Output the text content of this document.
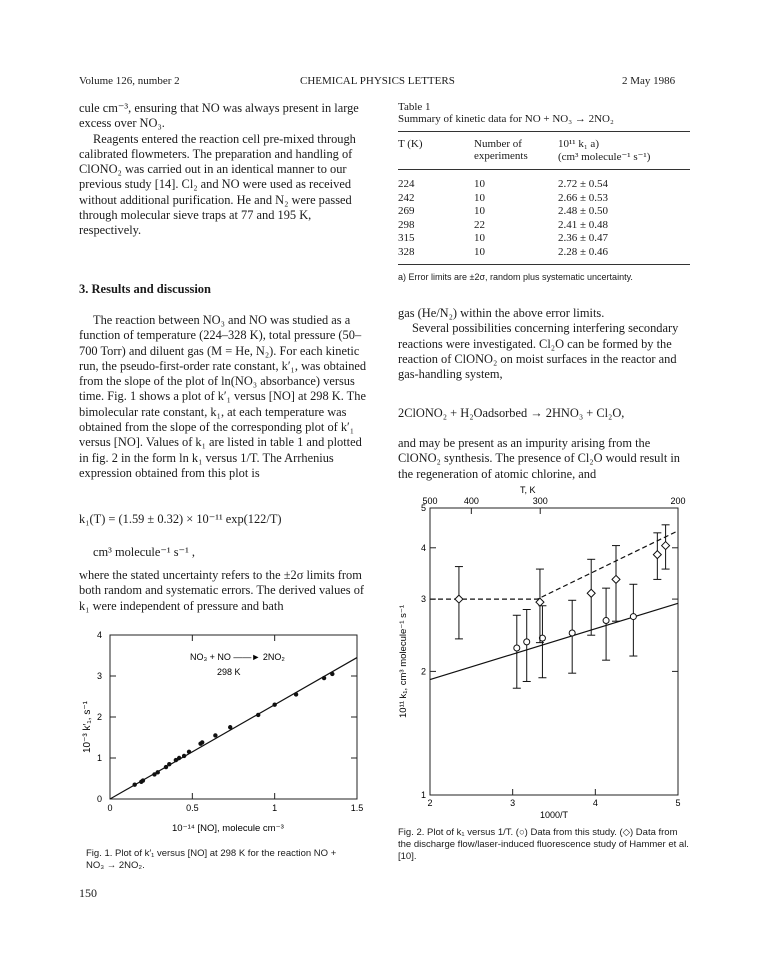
Volume 126, number 2	CHEMICAL PHYSICS LETTERS	2 May 1986

cule cm⁻³, ensuring that NO was always present in large excess over NO₃.

Reagents entered the reaction cell pre-mixed through calibrated flowmeters. The preparation and handling of ClONO₂ was carried out in an identical manner to our previous study [14]. Cl₂ and NO were used as received without additional purification. He and N₂ were passed through molecular sieve traps at 77 and 195 K, respectively.

3. Results and discussion

The reaction between NO₃ and NO was studied as a function of temperature (224–328 K), total pressure (50–700 Torr) and diluent gas (M = He, N₂). For each kinetic run, the pseudo-first-order rate constant, k′₁, was obtained from the slope of the plot of ln(NO₃ absorbance) versus time. Fig. 1 shows a plot of k′₁ versus [NO] at 298 K. The bimolecular rate constant, k₁, at each temperature was obtained from the slope of the corresponding plot of k′₁ versus [NO]. Values of k₁ are listed in table 1 and plotted in fig. 2 in the form ln k₁ versus 1/T. The Arrhenius expression obtained from this plot is

k₁(T) = (1.59 ± 0.32) × 10⁻¹¹ exp(122/T)
cm³ molecule⁻¹ s⁻¹ ,

where the stated uncertainty refers to the ±2σ limits from both random and systematic errors. The derived values of k₁ were independent of pressure and bath

Table 1
Summary of kinetic data for NO + NO₃ → 2NO₂
T (K)	Number of
experiments	10¹¹ k₁ a)
(cm³ molecule⁻¹ s⁻¹)
224	10	2.72 ± 0.54
242	10	2.66 ± 0.53
269	10	2.48 ± 0.50
298	22	2.41 ± 0.48
315	10	2.36 ± 0.47
328	10	2.28 ± 0.46
a) Error limits are ±2σ, random plus systematic uncertainty.

gas (He/N₂) within the above error limits.

Several possibilities concerning interfering secondary reactions were investigated. Cl₂O can be formed by the reaction of ClONO₂ on moist surfaces in the reactor and gas-handling system,

2ClONO₂ + H₂Oadsorbed → 2HNO₃ + Cl₂O,

and may be present as an impurity arising from the ClONO₂ synthesis. The presence of Cl₂O would result in the regeneration of atomic chlorine, and

0
1
2
3
4
0	0.5	1	1.5
NO₃ + NO ——► 2NO₂
298 K
10⁻³ k′₁, s⁻¹
10⁻¹⁴ [NO], molecule cm⁻³
Fig. 1. Plot of k′₁ versus [NO] at 298 K for the reaction NO + NO₃ → 2NO₂.
T, K
1
2
3
4
5
2	3	4	5
500	400	300	200
10¹¹ k₁, cm³ molecule⁻¹ s⁻¹
1000/T
Fig. 2. Plot of k₁ versus 1/T. (○) Data from this study. (◇) Data from the discharge flow/laser-induced fluorescence study of Hammer et al. [10].
150
